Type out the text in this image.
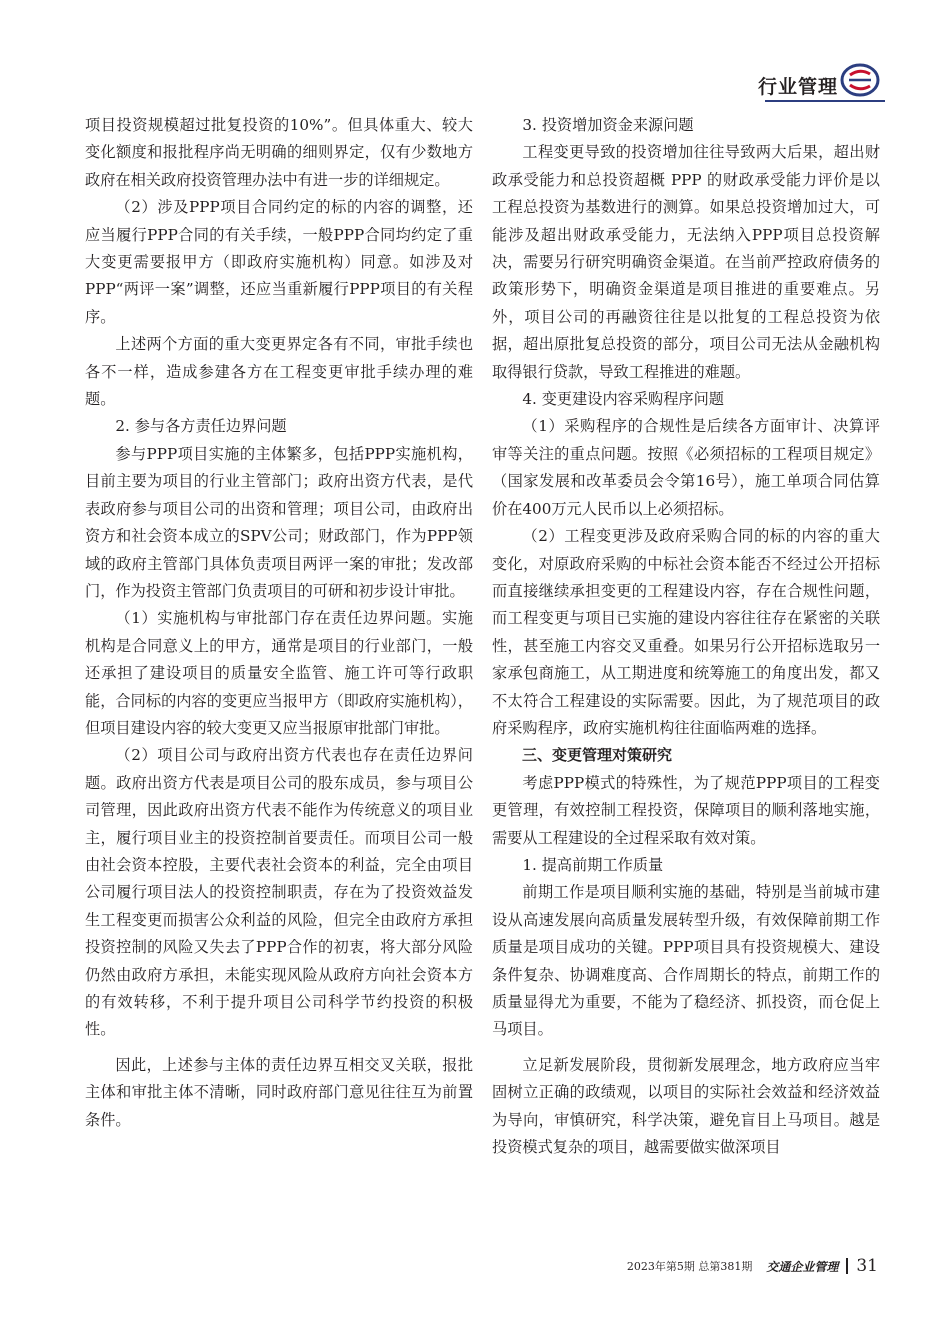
行业管理

项目投资规模超过批复投资的10%”。但具体重大、较大变化额度和报批程序尚无明确的细则界定，仅有少数地方政府在相关政府投资管理办法中有进一步的详细规定。

（2）涉及PPP项目合同约定的标的内容的调整，还应当履行PPP合同的有关手续，一般PPP合同均约定了重大变更需要报甲方（即政府实施机构）同意。如涉及对PPP“两评一案”调整，还应当重新履行PPP项目的有关程序。

上述两个方面的重大变更界定各有不同，审批手续也各不一样，造成参建各方在工程变更审批手续办理的难题。

2. 参与各方责任边界问题

参与PPP项目实施的主体繁多，包括PPP实施机构，目前主要为项目的行业主管部门；政府出资方代表，是代表政府参与项目公司的出资和管理；项目公司，由政府出资方和社会资本成立的SPV公司；财政部门，作为PPP领域的政府主管部门具体负责项目两评一案的审批；发改部门，作为投资主管部门负责项目的可研和初步设计审批。

（1）实施机构与审批部门存在责任边界问题。实施机构是合同意义上的甲方，通常是项目的行业部门，一般还承担了建设项目的质量安全监管、施工许可等行政职能，合同标的内容的变更应当报甲方（即政府实施机构），但项目建设内容的较大变更又应当报原审批部门审批。

（2）项目公司与政府出资方代表也存在责任边界问题。政府出资方代表是项目公司的股东成员，参与项目公司管理，因此政府出资方代表不能作为传统意义的项目业主，履行项目业主的投资控制首要责任。而项目公司一般由社会资本控股，主要代表社会资本的利益，完全由项目公司履行项目法人的投资控制职责，存在为了投资效益发生工程变更而损害公众利益的风险，但完全由政府方承担投资控制的风险又失去了PPP合作的初衷，将大部分风险仍然由政府方承担，未能实现风险从政府方向社会资本方的有效转移，不利于提升项目公司科学节约投资的积极性。

因此，上述参与主体的责任边界互相交叉关联，报批主体和审批主体不清晰，同时政府部门意见往往互为前置条件。

3. 投资增加资金来源问题

工程变更导致的投资增加往往导致两大后果，超出财政承受能力和总投资超概 PPP 的财政承受能力评价是以工程总投资为基数进行的测算。如果总投资增加过大，可能涉及超出财政承受能力，无法纳入PPP项目总投资解决，需要另行研究明确资金渠道。在当前严控政府债务的政策形势下，明确资金渠道是项目推进的重要难点。另外，项目公司的再融资往往是以批复的工程总投资为依据，超出原批复总投资的部分，项目公司无法从金融机构取得银行贷款，导致工程推进的难题。

4. 变更建设内容采购程序问题

（1）采购程序的合规性是后续各方面审计、决算评审等关注的重点问题。按照《必须招标的工程项目规定》（国家发展和改革委员会令第16号），施工单项合同估算价在400万元人民币以上必须招标。

（2）工程变更涉及政府采购合同的标的内容的重大变化，对原政府采购的中标社会资本能否不经过公开招标而直接继续承担变更的工程建设内容，存在合规性问题，而工程变更与项目已实施的建设内容往往存在紧密的关联性，甚至施工内容交叉重叠。如果另行公开招标选取另一家承包商施工，从工期进度和统筹施工的角度出发，都又不太符合工程建设的实际需要。因此，为了规范项目的政府采购程序，政府实施机构往往面临两难的选择。

三、变更管理对策研究

考虑PPP模式的特殊性，为了规范PPP项目的工程变更管理，有效控制工程投资，保障项目的顺利落地实施，需要从工程建设的全过程采取有效对策。

1. 提高前期工作质量

前期工作是项目顺利实施的基础，特别是当前城市建设从高速发展向高质量发展转型升级，有效保障前期工作质量是项目成功的关键。PPP项目具有投资规模大、建设条件复杂、协调难度高、合作周期长的特点，前期工作的质量显得尤为重要，不能为了稳经济、抓投资，而仓促上马项目。

立足新发展阶段，贯彻新发展理念，地方政府应当牢固树立正确的政绩观，以项目的实际社会效益和经济效益为导向，审慎研究，科学决策，避免盲目上马项目。越是投资模式复杂的项目，越需要做实做深项目

2023年第5期 总第381期 交通企业管理 31
